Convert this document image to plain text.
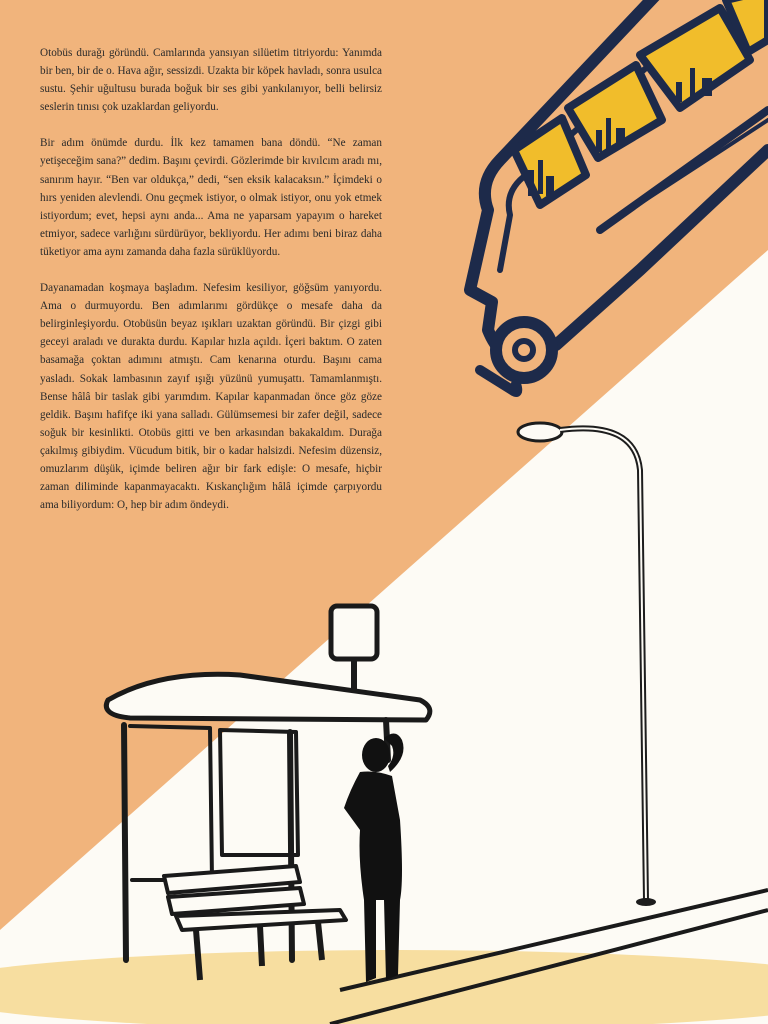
Otobüs durağı göründü. Camlarında yansıyan silüetim titriyordu: Yanımda bir ben, bir de o. Hava ağır, sessizdi. Uzakta bir köpek havladı, sonra usulca sustu. Şehir uğultusu burada boğuk bir ses gibi yankılanıyor, belli belirsiz seslerin tınısı çok uzaklardan geliyordu.

Bir adım önümde durdu. İlk kez tamamen bana döndü. “Ne zaman yetişeceğim sana?” dedim. Başını çevirdi. Gözlerimde bir kıvılcım aradı mı, sanırım hayır. “Ben var oldukça,” dedi, “sen eksik kalacaksın.” İçimdeki o hırs yeniden alevlendi. Onu geçmek istiyor, o olmak istiyor, onu yok etmek istiyordum; evet, hepsi aynı anda... Ama ne yaparsam yapayım o hareket etmiyor, sadece varlığını sürdürüyor, bekliyordu. Her adımı beni biraz daha tüketiyor ama aynı zamanda daha fazla sürüklüyordu.

Dayanamadan koşmaya başladım. Nefesim kesiliyor, göğsüm yanıyordu. Ama o durmuyordu. Ben adımlarımı gördükçe o mesafe daha da belirginleşiyordu. Otobüsün beyaz ışıkları uzaktan göründü. Bir çizgi gibi geceyi araladı ve durakta durdu. Kapılar hızla açıldı. İçeri baktım. O zaten basamağa çoktan adımını atmıştı. Cam kenarına oturdu. Başını cama yasladı. Sokak lambasının zayıf ışığı yüzünü yumuşattı. Tamamlanmıştı. Bense hâlâ bir taslak gibi yarımdım. Kapılar kapanmadan önce göz göze geldik. Başını hafifçe iki yana salladı. Gülümsemesi bir zafer değil, sadece soğuk bir kesinlikti. Otobüs gitti ve ben arkasından bakakaldım. Durağa çakılmış gibiydim. Vücudum bitik, bir o kadar halsizdi. Nefesim düzensiz, omuzlarım düşük, içimde beliren ağır bir fark edişle: O mesafe, hiçbir zaman diliminde kapanmayacaktı. Kıskançlığım hâlâ içimde çarpıyordu ama biliyordum: O, hep bir adım öndeydi.
